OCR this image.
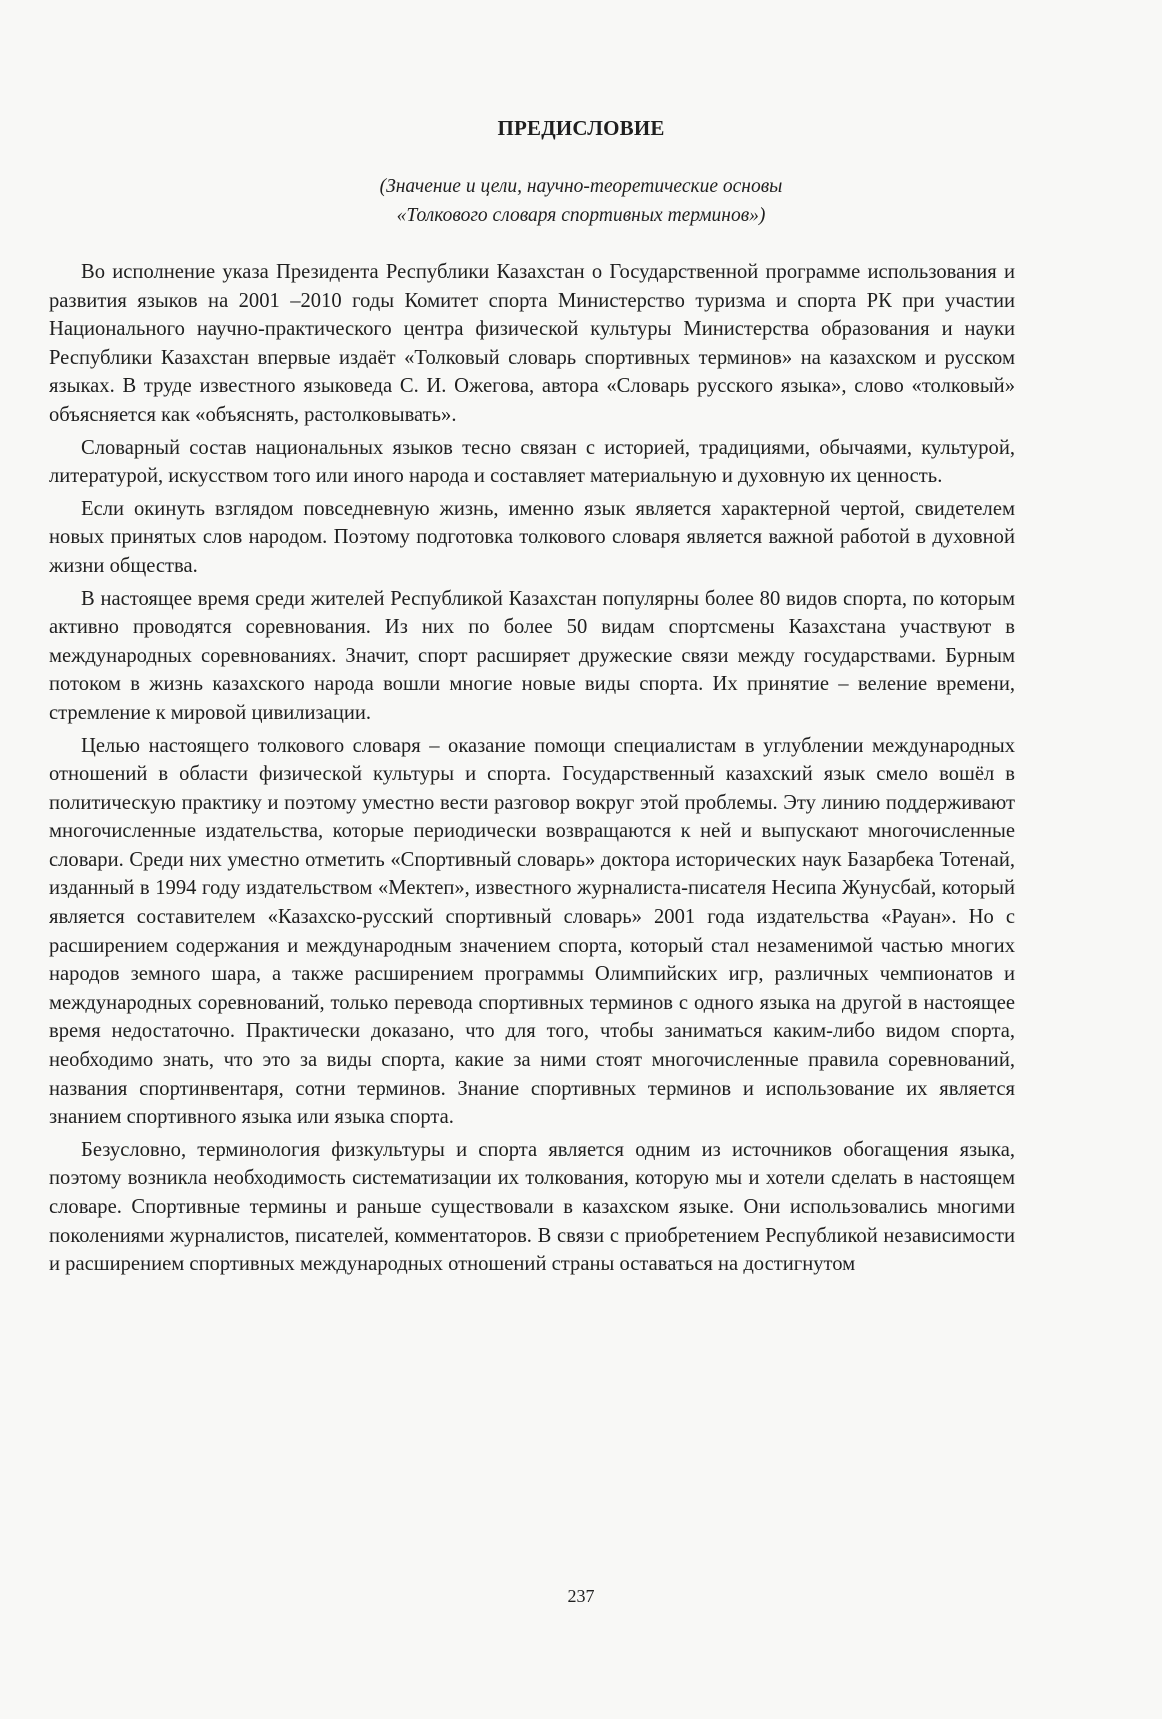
ПРЕДИСЛОВИЕ

(Значение и цели, научно-теоретические основы
«Толкового словаря спортивных терминов»)

Во исполнение указа Президента Республики Казахстан о Государственной программе использования и развития языков на 2001 –2010 годы Комитет спорта Министерство туризма и спорта РК при участии Национального научно-практического центра физической культуры Министерства образования и науки Республики Казахстан впервые издаёт «Толковый словарь спортивных терминов» на казахском и русском языках. В труде известного языковеда С. И. Ожегова, автора «Словарь русского языка», слово «толковый» объясняется как «объяснять, растолковывать».

Словарный состав национальных языков тесно связан с историей, традициями, обычаями, культурой, литературой, искусством того или иного народа и составляет материальную и духовную их ценность.

Если окинуть взглядом повседневную жизнь, именно язык является характерной чертой, свидетелем новых принятых слов народом. Поэтому подготовка толкового словаря является важной работой в духовной жизни общества.

В настоящее время среди жителей Республикой Казахстан популярны более 80 видов спорта, по которым активно проводятся соревнования. Из них по более 50 видам спортсмены Казахстана участвуют в международных соревнованиях. Значит, спорт расширяет дружеские связи между государствами. Бурным потоком в жизнь казахского народа вошли многие новые виды спорта. Их принятие – веление времени, стремление к мировой цивилизации.

Целью настоящего толкового словаря – оказание помощи специалистам в углублении международных отношений в области физической культуры и спорта. Государственный казахский язык смело вошёл в политическую практику и поэтому уместно вести разговор вокруг этой проблемы. Эту линию поддерживают многочисленные издательства, которые периодически возвращаются к ней и выпускают многочисленные словари. Среди них уместно отметить «Спортивный словарь» доктора исторических наук Базарбека Тотенай, изданный в 1994 году издательством «Мектеп», известного журналиста-писателя Несипа Жунусбай, который является составителем «Казахско-русский спортивный словарь» 2001 года издательства «Рауан». Но с расширением содержания и международным значением спорта, который стал незаменимой частью многих народов земного шара, а также расширением программы Олимпийских игр, различных чемпионатов и международных соревнований, только перевода спортивных терминов с одного языка на другой в настоящее время недостаточно. Практически доказано, что для того, чтобы заниматься каким-либо видом спорта, необходимо знать, что это за виды спорта, какие за ними стоят многочисленные правила соревнований, названия спортинвентаря, сотни терминов. Знание спортивных терминов и использование их является знанием спортивного языка или языка спорта.

Безусловно, терминология физкультуры и спорта является одним из источников обогащения языка, поэтому возникла необходимость систематизации их толкования, которую мы и хотели сделать в настоящем словаре. Спортивные термины и раньше существовали в казахском языке. Они использовались многими поколениями журналистов, писателей, комментаторов. В связи с приобретением Республикой независимости и расширением спортивных международных отношений страны оставаться на достигнутом

237
